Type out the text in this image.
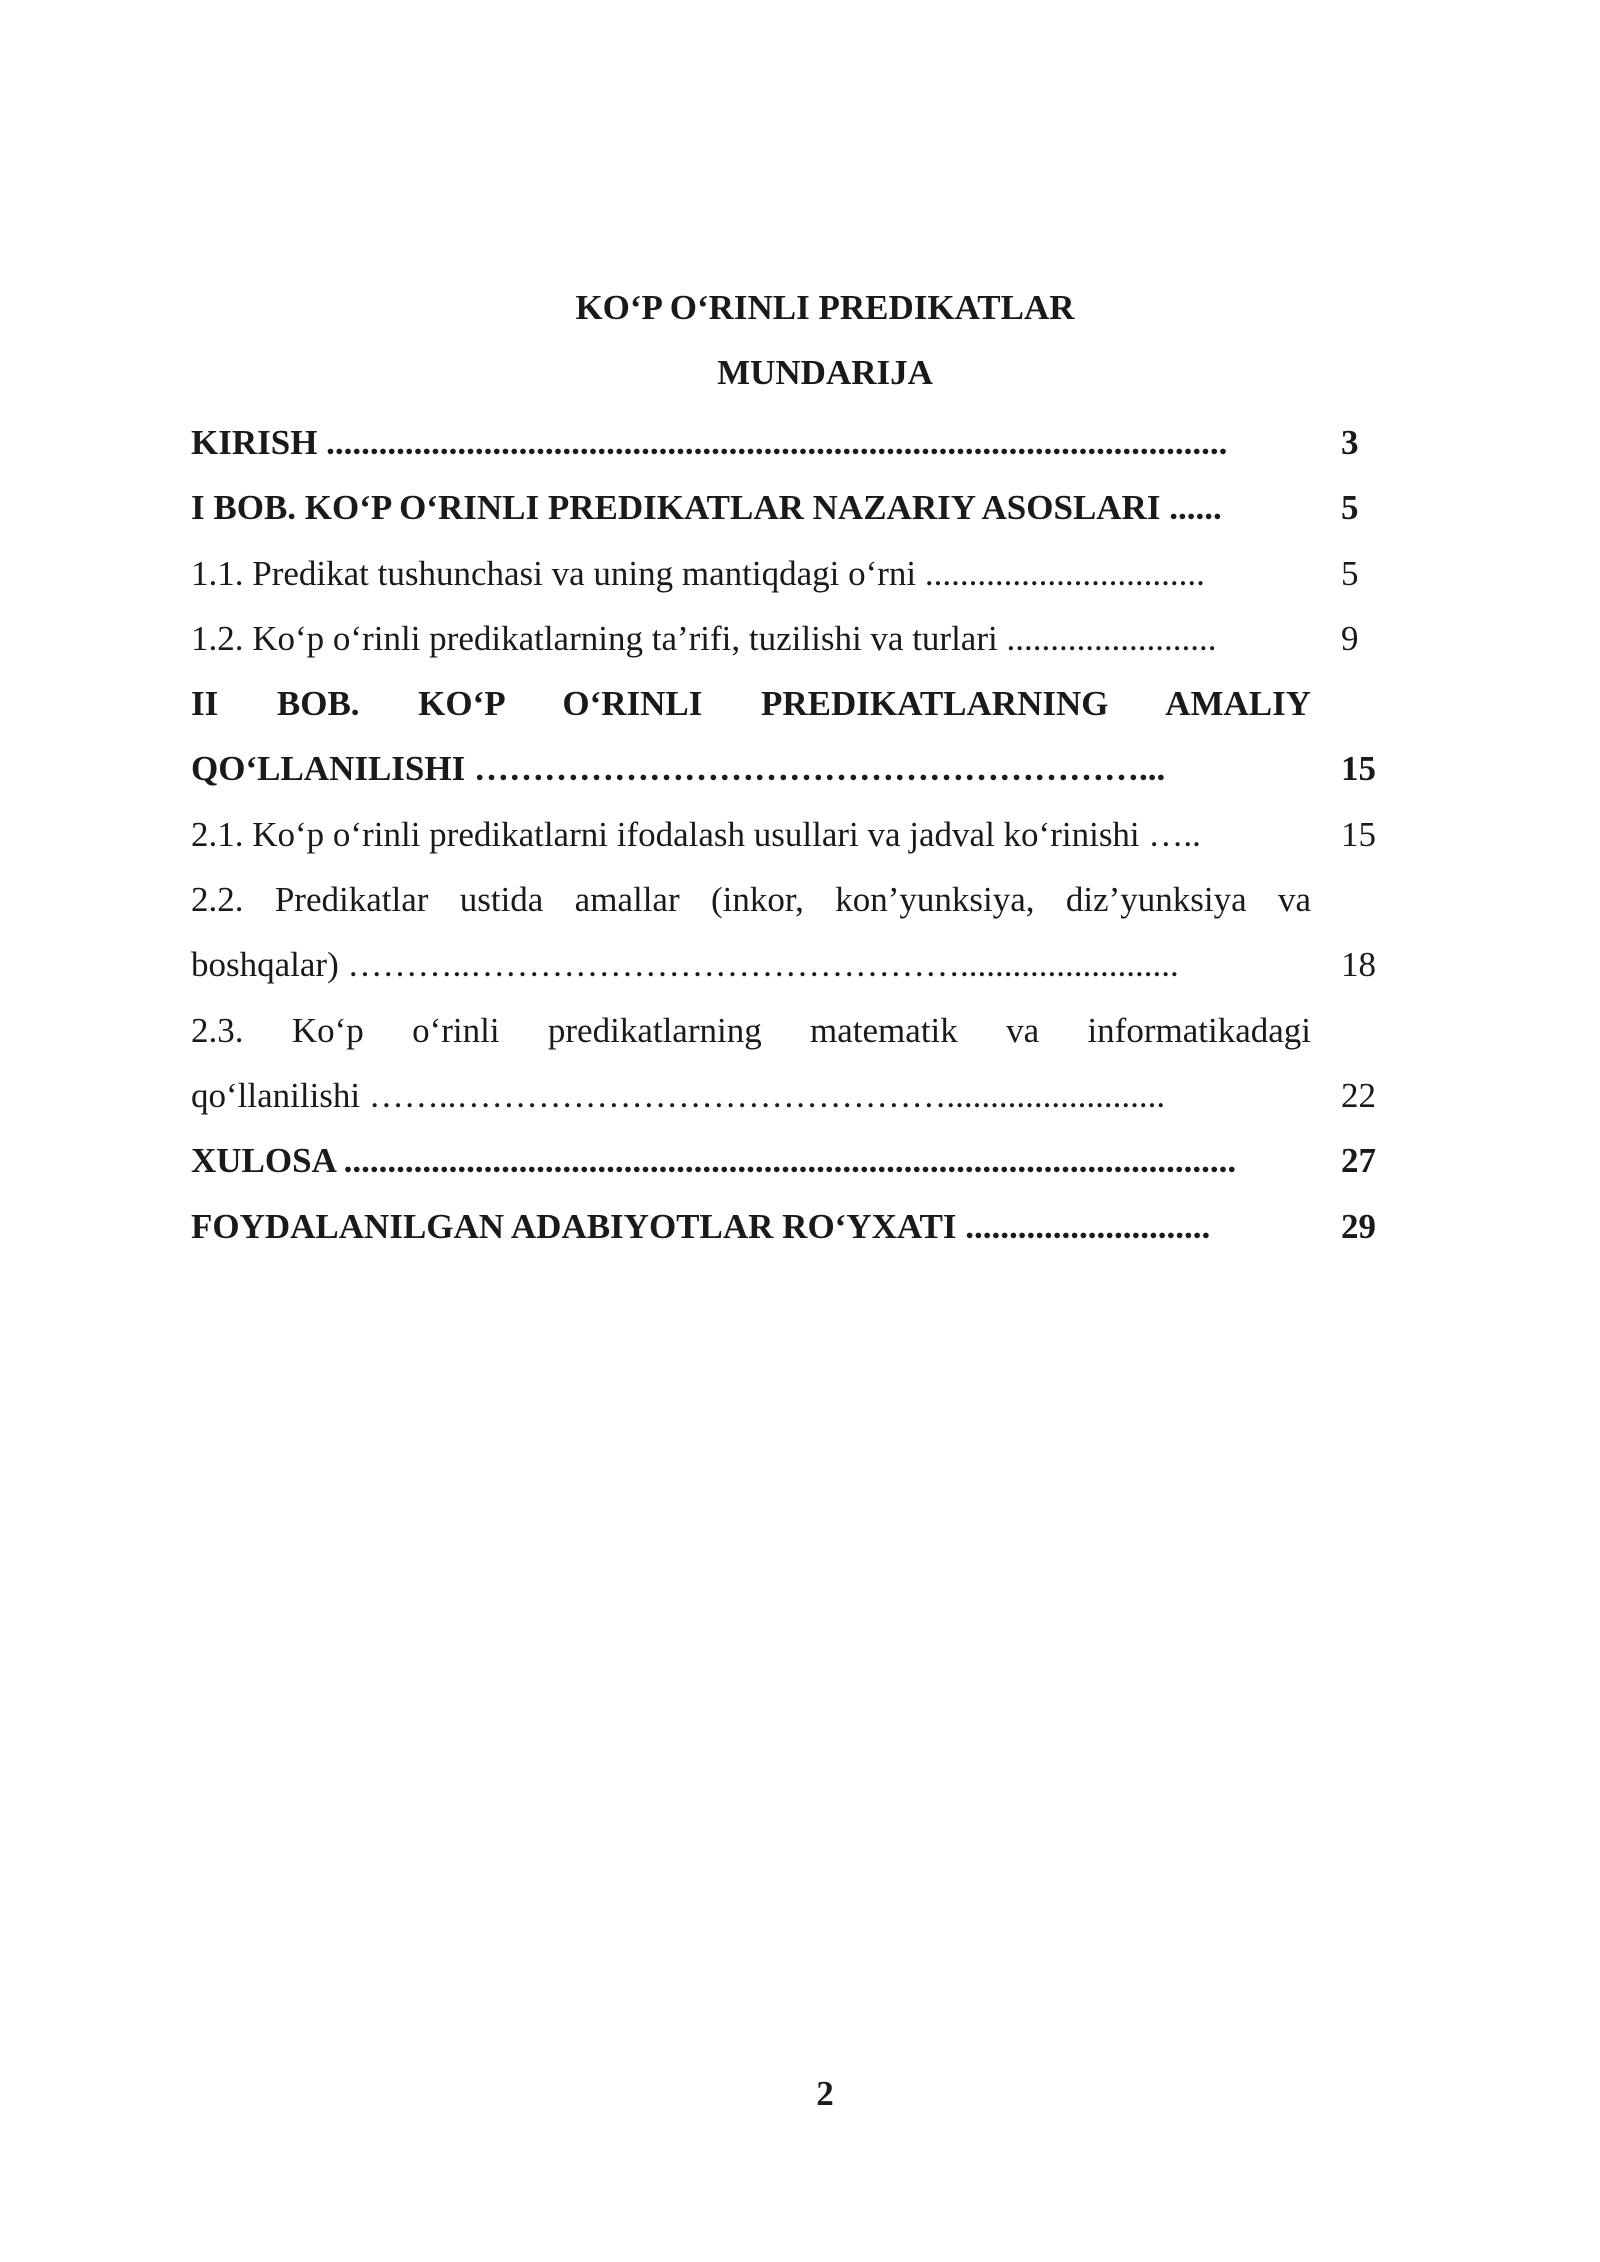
KO‘P O‘RINLI PREDIKATLAR
MUNDARIJA
KIRISH .......................................................................................................	3
I BOB. KO‘P O‘RINLI PREDIKATLAR NAZARIY ASOSLARI ......	5
1.1. Predikat tushunchasi va uning mantiqdagi o‘rni ................................	5
1.2. Ko‘p o‘rinli predikatlarning ta’rifi, tuzilishi va turlari ........................	9
II BOB. KO‘P O‘RINLI PREDIKATLARNING AMALIY
QO‘LLANILISHI …………………………………………………...	15
2.1. Ko‘p o‘rinli predikatlarni ifodalash usullari va jadval ko‘rinishi …..	15
2.2. Predikatlar ustida amallar (inkor, kon’yunksiya, diz’yunksiya va
boshqalar) ………..…………………………………….........................	18
2.3. Ko‘p o‘rinli predikatlarning matematik va informatikadagi
qo‘llanilishi ……..…………………………………….........................	22
XULOSA ......................................................................................................	27
FOYDALANILGAN ADABIYOTLAR RO‘YXATI ............................	29
2
